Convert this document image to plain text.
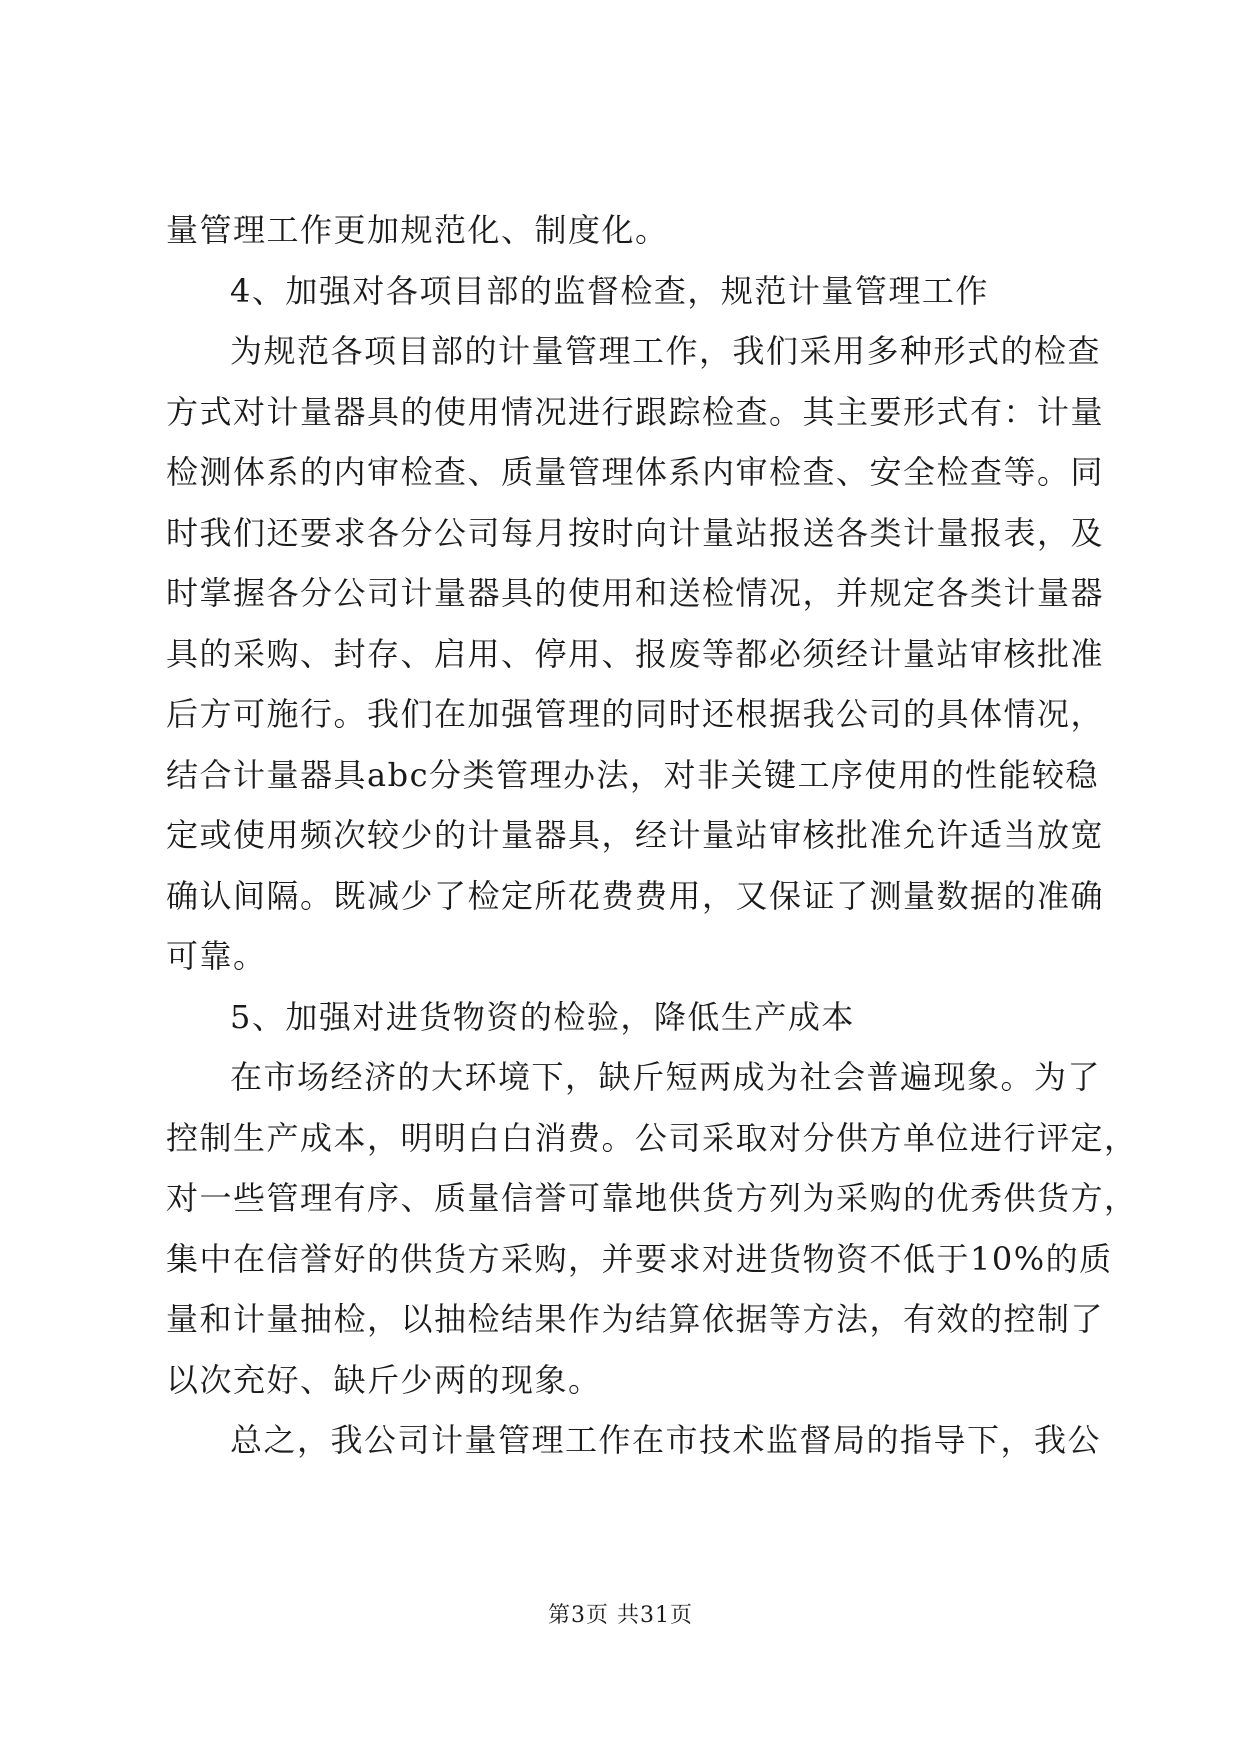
量管理工作更加规范化、制度化。
4、加强对各项目部的监督检查，规范计量管理工作
为规范各项目部的计量管理工作，我们采用多种形式的检查
方式对计量器具的使用情况进行跟踪检查。其主要形式有：计量
检测体系的内审检查、质量管理体系内审检查、安全检查等。同
时我们还要求各分公司每月按时向计量站报送各类计量报表，及
时掌握各分公司计量器具的使用和送检情况，并规定各类计量器
具的采购、封存、启用、停用、报废等都必须经计量站审核批准
后方可施行。我们在加强管理的同时还根据我公司的具体情况，
结合计量器具abc分类管理办法，对非关键工序使用的性能较稳
定或使用频次较少的计量器具，经计量站审核批准允许适当放宽
确认间隔。既减少了检定所花费费用，又保证了测量数据的准确
可靠。
5、加强对进货物资的检验，降低生产成本
在市场经济的大环境下，缺斤短两成为社会普遍现象。为了
控制生产成本，明明白白消费。公司采取对分供方单位进行评定，
对一些管理有序、质量信誉可靠地供货方列为采购的优秀供货方，
集中在信誉好的供货方采购，并要求对进货物资不低于10%的质
量和计量抽检，以抽检结果作为结算依据等方法，有效的控制了
以次充好、缺斤少两的现象。
总之，我公司计量管理工作在市技术监督局的指导下，我公
第3页 共31页
